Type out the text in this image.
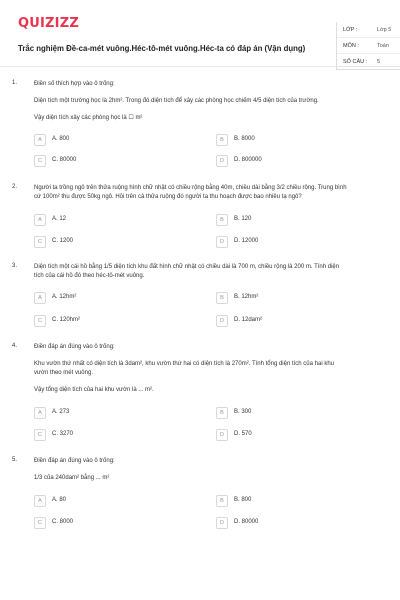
QUIZIZZ
Trắc nghiệm Đề-ca-mét vuông.Héc-tô-mét vuông.Héc-ta có đáp án (Vận dụng)
LỚP :	Lớp 5
MÔN :	Toán
SỐ CÂU :	5
1.	Điền số thích hợp vào ô trống:
Diện tích một trường học là 2hm². Trong đó diện tích để xây các phòng học chiếm 4/5 diện tích của trường.
Vậy diện tích xây các phòng học là ☐ m²
A	A. 800	B	B. 8000
C	C. 80000	D	D. 800000
2.	Người ta trồng ngô trên thửa ruộng hình chữ nhật có chiều rộng bằng 40m, chiều dài bằng 3/2 chiều rộng. Trung bình
cứ 100m² thu được 50kg ngô. Hỏi trên cả thửa ruộng đó người ta thu hoạch được bao nhiêu tạ ngô?
A	A. 12	B	B. 120
C	C. 1200	D	D. 12000
3.	Diện tích một cái hồ bằng 1/5 diện tích khu đất hình chữ nhật có chiều dài là 700 m, chiều rộng là 200 m. Tính diện
tích của cái hồ đó theo héc-tô-mét vuông.
A	A. 12hm²	B	B. 12hm²
C	C. 120hm²	D	D. 12dam²
4.	Điền đáp án đúng vào ô trống:
Khu vườn thứ nhất có diện tích là 3dam², khu vườn thứ hai có diện tích là 270m². Tính tổng diện tích của hai khu
vườn theo mét vuông.
Vậy tổng diện tích của hai khu vườn là ... m².
A	A. 273	B	B. 300
C	C. 3270	D	D. 570
5.	Điền đáp án đúng vào ô trống:
1/3 của 240dam² bằng ... m²
A	A. 80	B	B. 800
C	C. 8000	D	D. 80000
